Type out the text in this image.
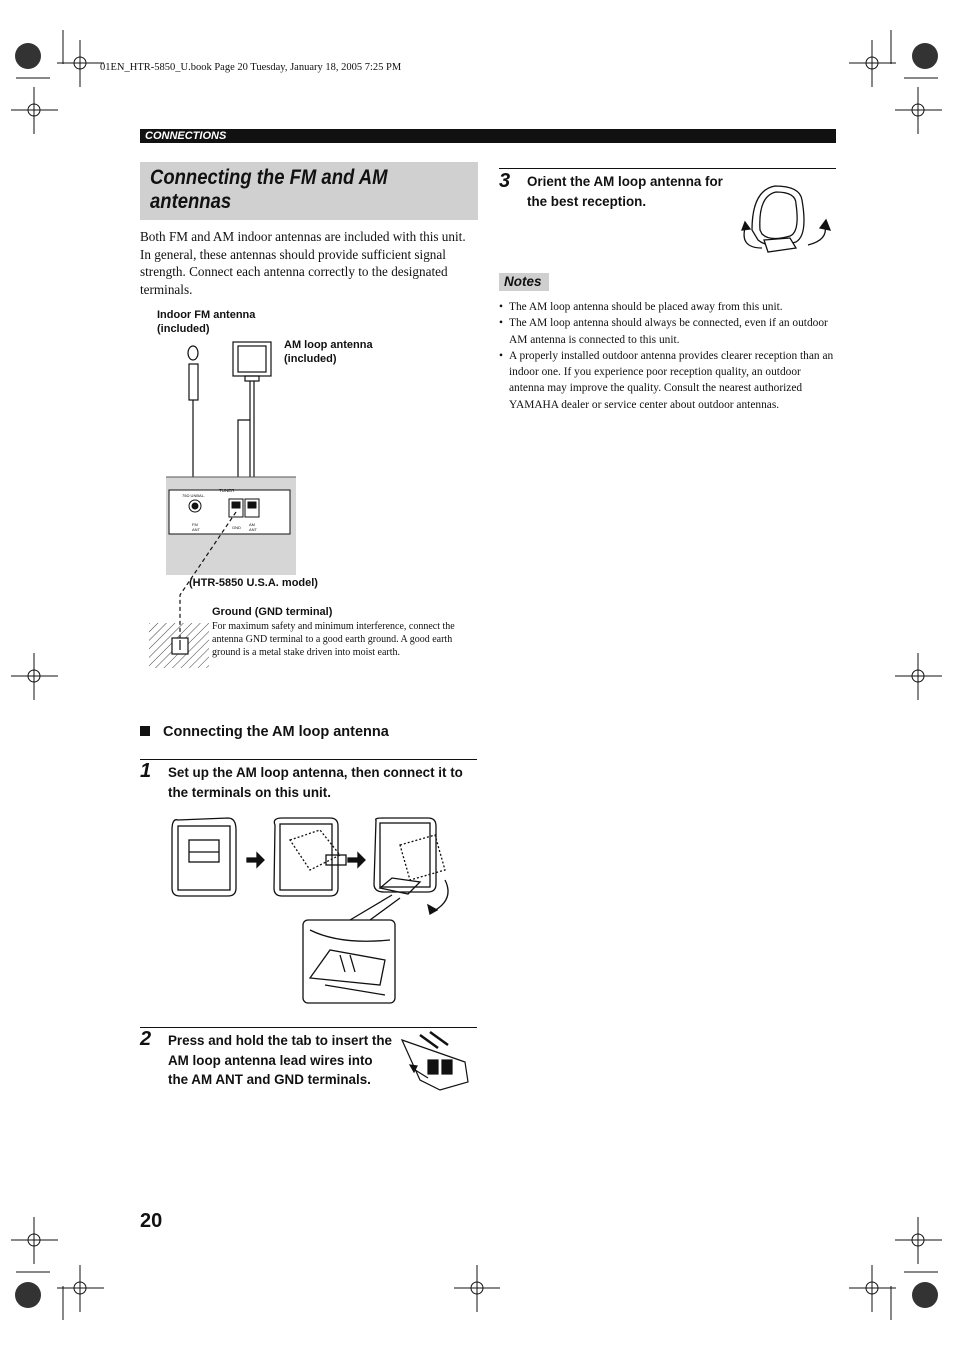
01EN_HTR-5850_U.book Page 20 Tuesday, January 18, 2005 7:25 PM
CONNECTIONS
Connecting the FM and AM
antennas
Both FM and AM indoor antennas are included with this unit. In general, these antennas should provide sufficient signal strength. Connect each antenna correctly to the designated terminals.
Indoor FM antenna
(included)
AM loop antenna
(included)
TUNER
75Ω UNBAL.
FM
ANT	GND
AM
ANT
(HTR-5850 U.S.A. model)
Ground (GND terminal)
For maximum safety and minimum interference, connect the antenna GND terminal to a good earth ground. A good earth ground is a metal stake driven into moist earth.
Connecting the AM loop antenna
1 Set up the AM loop antenna, then connect it to the terminals on this unit.
2 Press and hold the tab to insert the AM loop antenna lead wires into the AM ANT and GND terminals.
3 Orient the AM loop antenna for the best reception.
Notes
• The AM loop antenna should be placed away from this unit.
• The AM loop antenna should always be connected, even if an outdoor AM antenna is connected to this unit.
• A properly installed outdoor antenna provides clearer reception than an indoor one. If you experience poor reception quality, an outdoor antenna may improve the quality. Consult the nearest authorized YAMAHA dealer or service center about outdoor antennas.
20
